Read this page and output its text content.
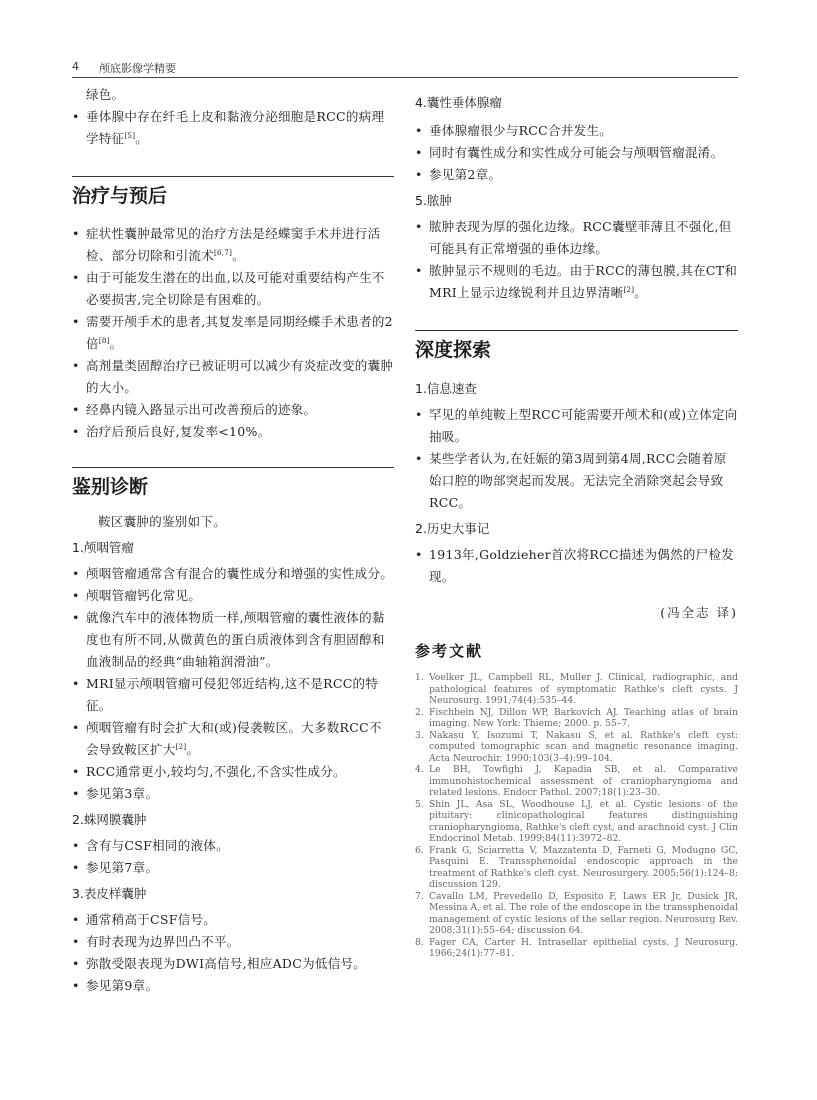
4 颅底影像学精要

绿色。

• 垂体腺中存在纤毛上皮和黏液分泌细胞是RCC的病理学特征[5]。

治疗与预后

• 症状性囊肿最常见的治疗方法是经蝶窦手术并进行活检、部分切除和引流术[6,7]。

• 由于可能发生潜在的出血,以及可能对重要结构产生不必要损害,完全切除是有困难的。

• 需要开颅手术的患者,其复发率是同期经蝶手术患者的2倍[8]。

• 高剂量类固醇治疗已被证明可以减少有炎症改变的囊肿的大小。

• 经鼻内镜入路显示出可改善预后的迹象。

• 治疗后预后良好,复发率<10%。

鉴别诊断

鞍区囊肿的鉴别如下。

1.颅咽管瘤

• 颅咽管瘤通常含有混合的囊性成分和增强的实性成分。

• 颅咽管瘤钙化常见。

• 就像汽车中的液体物质一样,颅咽管瘤的囊性液体的黏度也有所不同,从微黄色的蛋白质液体到含有胆固醇和血液制品的经典“曲轴箱润滑油”。

• MRI显示颅咽管瘤可侵犯邻近结构,这不是RCC的特征。

• 颅咽管瘤有时会扩大和(或)侵袭鞍区。大多数RCC不会导致鞍区扩大[2]。

• RCC通常更小,较均匀,不强化,不含实性成分。

• 参见第3章。

2.蛛网膜囊肿

• 含有与CSF相同的液体。

• 参见第7章。

3.表皮样囊肿

• 通常稍高于CSF信号。

• 有时表现为边界凹凸不平。

• 弥散受限表现为DWI高信号,相应ADC为低信号。

• 参见第9章。

4.囊性垂体腺瘤

• 垂体腺瘤很少与RCC合并发生。

• 同时有囊性成分和实性成分可能会与颅咽管瘤混淆。

• 参见第2章。

5.脓肿

• 脓肿表现为厚的强化边缘。RCC囊壁菲薄且不强化,但可能具有正常增强的垂体边缘。

• 脓肿显示不规则的毛边。由于RCC的薄包膜,其在CT和MRI上显示边缘锐利并且边界清晰[2]。

深度探索
1.信息速查

• 罕见的单纯鞍上型RCC可能需要开颅术和(或)立体定向抽吸。

• 某些学者认为,在妊娠的第3周到第4周,RCC会随着原始口腔的吻部突起而发展。无法完全消除突起会导致RCC。

2.历史大事记

• 1913年,Goldzieher首次将RCC描述为偶然的尸检发现。

(冯全志 译)

参考文献
1. Voelker JL, Campbell RL, Muller J. Clinical, radiographic, and pathological features of symptomatic Rathke's cleft cysts. J Neurosurg. 1991;74(4):535–44.
2. Fischbein NJ, Dillon WP, Barkovich AJ. Teaching atlas of brain imaging. New York: Thieme; 2000. p. 55–7.
3. Nakasu Y, Isozumi T, Nakasu S, et al. Rathke's cleft cyst: computed tomographic scan and magnetic resonance imaging. Acta Neurochir. 1990;103(3–4):99–104.
4. Le BH, Towfighi J, Kapadia SB, et al. Comparative immunohistochemical assessment of craniopharyngioma and related lesions. Endocr Pathol. 2007;18(1):23–30.
5. Shin JL, Asa SL, Woodhouse LJ, et al. Cystic lesions of the pituitary: clinicopathological features distinguishing craniopharyngioma, Rathke's cleft cyst, and arachnoid cyst. J Clin Endocrinol Metab. 1999;84(11):3972–82.
6. Frank G, Sciarretta V, Mazzatenta D, Farneti G, Modugno GC, Pasquini E. Transsphenoidal endoscopic approach in the treatment of Rathke's cleft cyst. Neurosurgery. 2005;56(1):124–8; discussion 129.
7. Cavallo LM, Prevedello D, Esposito F, Laws ER Jr, Dusick JR, Messina A, et al. The role of the endoscope in the transsphenoidal management of cystic lesions of the sellar region. Neurosurg Rev. 2008;31(1):55–64; discussion 64.
8. Fager CA, Carter H. Intrasellar epithelial cysts. J Neurosurg. 1966;24(1):77–81.
